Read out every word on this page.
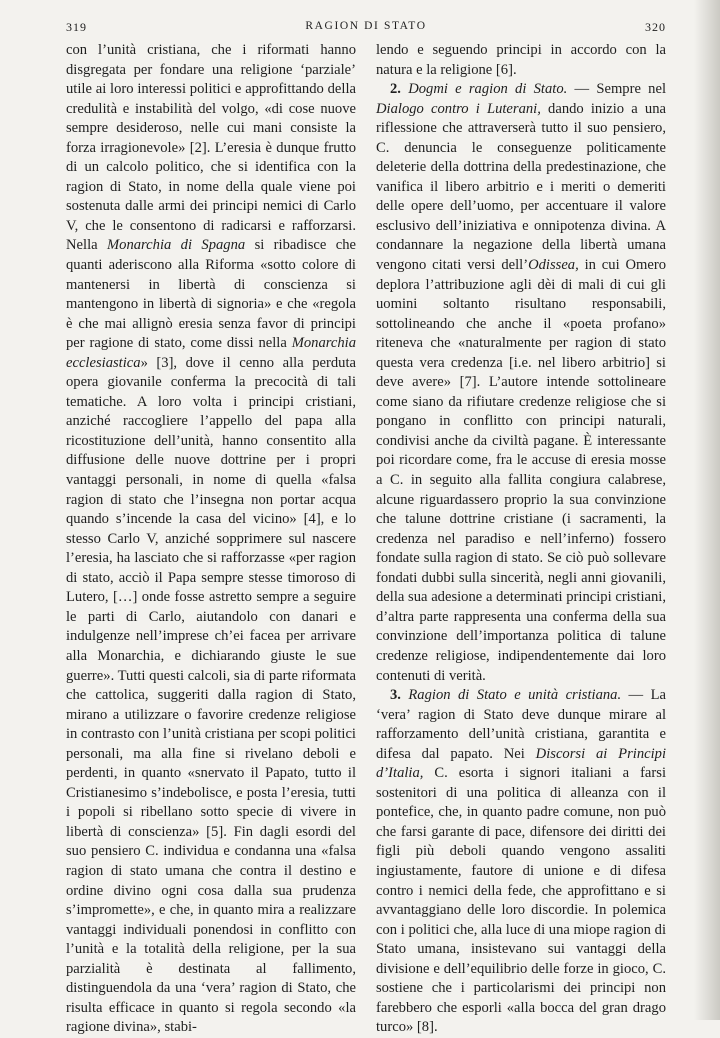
319	RAGION DI STATO	320

con l’unità cristiana, che i riformati hanno disgregata per fondare una religione ‘parziale’ utile ai loro interessi politici e approfittando della credulità e instabilità del volgo, «di cose nuove sempre desideroso, nelle cui mani consiste la forza irragionevole» [2]. L’eresia è dunque frutto di un calcolo politico, che si identifica con la ragion di Stato, in nome della quale viene poi sostenuta dalle armi dei principi nemici di Carlo V, che le consentono di radicarsi e rafforzarsi. Nella Monarchia di Spagna si ribadisce che quanti aderiscono alla Riforma «sotto colore di mantenersi in libertà di conscienza si mantengono in libertà di signoria» e che «regola è che mai allignò eresia senza favor di principi per ragione di stato, come dissi nella Monarchia ecclesiastica» [3], dove il cenno alla perduta opera giovanile conferma la precocità di tali tematiche. A loro volta i principi cristiani, anziché raccogliere l’appello del papa alla ricostituzione dell’unità, hanno consentito alla diffusione delle nuove dottrine per i propri vantaggi personali, in nome di quella «falsa ragion di stato che l’insegna non portar acqua quando s’incende la casa del vicino» [4], e lo stesso Carlo V, anziché sopprimere sul nascere l’eresia, ha lasciato che si rafforzasse «per ragion di stato, acciò il Papa sempre stesse timoroso di Lutero, […] onde fosse astretto sempre a seguire le parti di Carlo, aiutandolo con danari e indulgenze nell’imprese ch’ei facea per arrivare alla Monarchia, e dichiarando giuste le sue guerre». Tutti questi calcoli, sia di parte riformata che cattolica, suggeriti dalla ragion di Stato, mirano a utilizzare o favorire credenze religiose in contrasto con l’unità cristiana per scopi politici personali, ma alla fine si rivelano deboli e perdenti, in quanto «snervato il Papato, tutto il Cristianesimo s’indebolisce, e posta l’eresia, tutti i popoli si ribellano sotto specie di vivere in libertà di conscienza» [5]. Fin dagli esordi del suo pensiero C. individua e condanna una «falsa ragion di stato umana che contra il destino e ordine divino ogni cosa dalla sua prudenza s’impromette», e che, in quanto mira a realizzare vantaggi individuali ponendosi in conflitto con l’unità e la totalità della religione, per la sua parzialità è destinata al fallimento, distinguendola da una ‘vera’ ragion di Stato, che risulta efficace in quanto si regola secondo «la ragione divina», stabi-

lendo e seguendo principi in accordo con la natura e la religione [6].

2. Dogmi e ragion di Stato. — Sempre nel Dialogo contro i Luterani, dando inizio a una riflessione che attraverserà tutto il suo pensiero, C. denuncia le conseguenze politicamente deleterie della dottrina della predestinazione, che vanifica il libero arbitrio e i meriti o demeriti delle opere dell’uomo, per accentuare il valore esclusivo dell’iniziativa e onnipotenza divina. A condannare la negazione della libertà umana vengono citati versi dell’Odissea, in cui Omero deplora l’attribuzione agli dèi di mali di cui gli uomini soltanto risultano responsabili, sottolineando che anche il «poeta profano» riteneva che «naturalmente per ragion di stato questa vera credenza [i.e. nel libero arbitrio] si deve avere» [7]. L’autore intende sottolineare come siano da rifiutare credenze religiose che si pongano in conflitto con principi naturali, condivisi anche da civiltà pagane. È interessante poi ricordare come, fra le accuse di eresia mosse a C. in seguito alla fallita congiura calabrese, alcune riguardassero proprio la sua convinzione che talune dottrine cristiane (i sacramenti, la credenza nel paradiso e nell’inferno) fossero fondate sulla ragion di stato. Se ciò può sollevare fondati dubbi sulla sincerità, negli anni giovanili, della sua adesione a determinati principi cristiani, d’altra parte rappresenta una conferma della sua convinzione dell’importanza politica di talune credenze religiose, indipendentemente dai loro contenuti di verità.

3. Ragion di Stato e unità cristiana. — La ‘vera’ ragion di Stato deve dunque mirare al rafforzamento dell’unità cristiana, garantita e difesa dal papato. Nei Discorsi ai Principi d’Italia, C. esorta i signori italiani a farsi sostenitori di una politica di alleanza con il pontefice, che, in quanto padre comune, non può che farsi garante di pace, difensore dei diritti dei figli più deboli quando vengono assaliti ingiustamente, fautore di unione e di difesa contro i nemici della fede, che approfittano e si avvantaggiano delle loro discordie. In polemica con i politici che, alla luce di una miope ragion di Stato umana, insistevano sui vantaggi della divisione e dell’equilibrio delle forze in gioco, C. sostiene che i particolarismi dei principi non farebbero che esporli «alla bocca del gran drago turco» [8].
